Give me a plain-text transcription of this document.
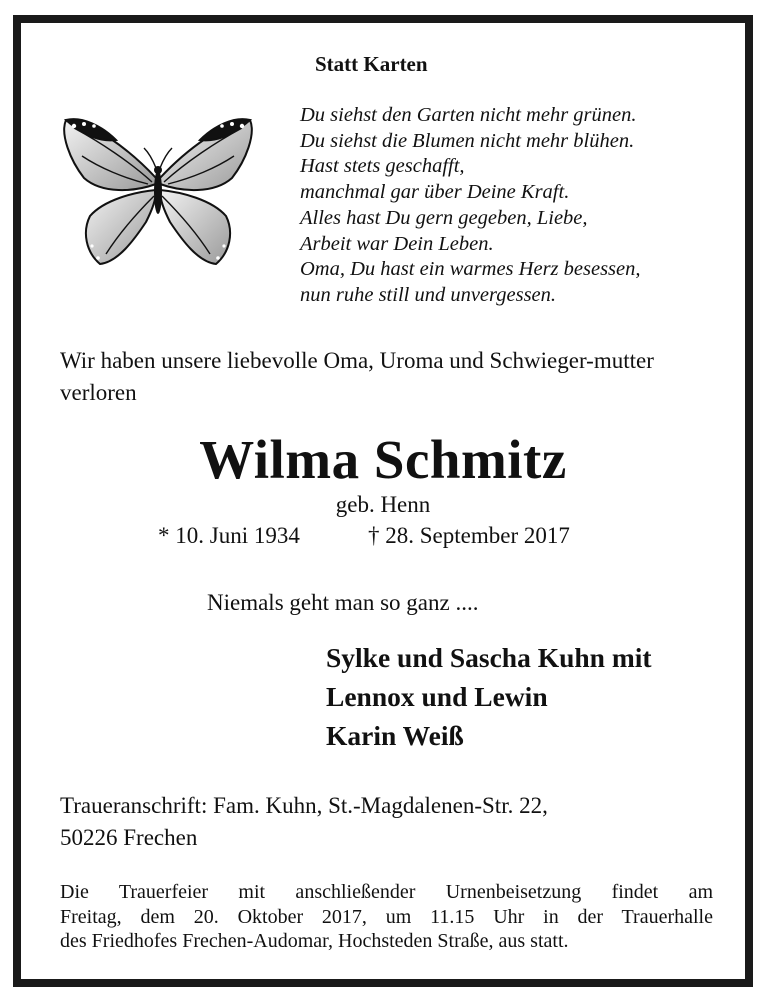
Statt Karten
Du siehst den Garten nicht mehr grünen.
Du siehst die Blumen nicht mehr blühen.
Hast stets geschafft,
manchmal gar über Deine Kraft.
Alles hast Du gern gegeben, Liebe,
Arbeit war Dein Leben.
Oma, Du hast ein warmes Herz besessen,
nun ruhe still und unvergessen.
Wir haben unsere liebevolle Oma, Uroma und Schwieger-mutter verloren
Wilma Schmitz
geb. Henn
* 10. Juni 1934	† 28. September 2017
Niemals geht man so ganz ....
Sylke und Sascha Kuhn mit
Lennox und Lewin
Karin Weiß
Traueranschrift: Fam. Kuhn, St.-Magdalenen-Str. 22,
50226 Frechen
Die Trauerfeier mit anschließender Urnenbeisetzung findet am
Freitag, dem 20. Oktober 2017, um 11.15 Uhr in der Trauerhalle
des Friedhofes Frechen-Audomar, Hochsteden Straße, aus statt.
